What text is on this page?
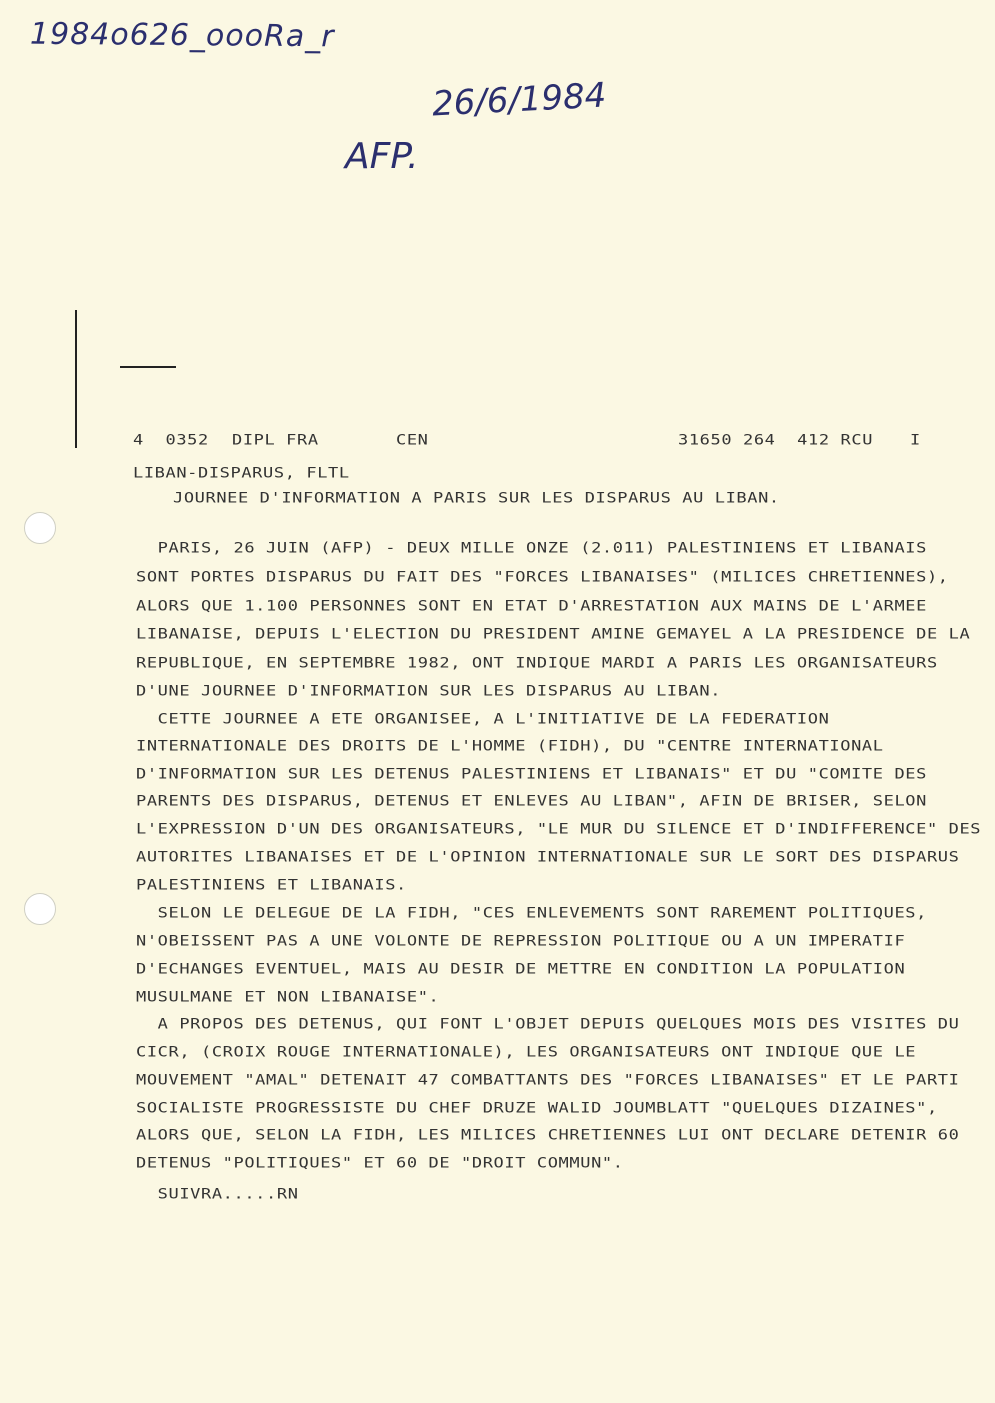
1984o626_oooRa_r
26/6/1984
AFP.
4  0352 DIPL FRA	CEN	31650 264  412 RCU I
LIBAN-DISPARUS, FLTL
JOURNEE D'INFORMATION A PARIS SUR LES DISPARUS AU LIBAN.
PARIS, 26 JUIN (AFP) - DEUX MILLE ONZE (2.011) PALESTINIENS ET LIBANAIS
SONT PORTES DISPARUS DU FAIT DES "FORCES LIBANAISES" (MILICES CHRETIENNES),
ALORS QUE 1.100 PERSONNES SONT EN ETAT D'ARRESTATION AUX MAINS DE L'ARMEE
LIBANAISE, DEPUIS L'ELECTION DU PRESIDENT AMINE GEMAYEL A LA PRESIDENCE DE LA
REPUBLIQUE, EN SEPTEMBRE 1982, ONT INDIQUE MARDI A PARIS LES ORGANISATEURS
D'UNE JOURNEE D'INFORMATION SUR LES DISPARUS AU LIBAN.
CETTE JOURNEE A ETE ORGANISEE, A L'INITIATIVE DE LA FEDERATION
INTERNATIONALE DES DROITS DE L'HOMME (FIDH), DU "CENTRE INTERNATIONAL
D'INFORMATION SUR LES DETENUS PALESTINIENS ET LIBANAIS" ET DU "COMITE DES
PARENTS DES DISPARUS, DETENUS ET ENLEVES AU LIBAN", AFIN DE BRISER, SELON
L'EXPRESSION D'UN DES ORGANISATEURS, "LE MUR DU SILENCE ET D'INDIFFERENCE" DES
AUTORITES LIBANAISES ET DE L'OPINION INTERNATIONALE SUR LE SORT DES DISPARUS
PALESTINIENS ET LIBANAIS.
SELON LE DELEGUE DE LA FIDH, "CES ENLEVEMENTS SONT RAREMENT POLITIQUES,
N'OBEISSENT PAS A UNE VOLONTE DE REPRESSION POLITIQUE OU A UN IMPERATIF
D'ECHANGES EVENTUEL, MAIS AU DESIR DE METTRE EN CONDITION LA POPULATION
MUSULMANE ET NON LIBANAISE".
A PROPOS DES DETENUS, QUI FONT L'OBJET DEPUIS QUELQUES MOIS DES VISITES DU
CICR, (CROIX ROUGE INTERNATIONALE), LES ORGANISATEURS ONT INDIQUE QUE LE
MOUVEMENT "AMAL" DETENAIT 47 COMBATTANTS DES "FORCES LIBANAISES" ET LE PARTI
SOCIALISTE PROGRESSISTE DU CHEF DRUZE WALID JOUMBLATT "QUELQUES DIZAINES",
ALORS QUE, SELON LA FIDH, LES MILICES CHRETIENNES LUI ONT DECLARE DETENIR 60
DETENUS "POLITIQUES" ET 60 DE "DROIT COMMUN".
SUIVRA.....RN
